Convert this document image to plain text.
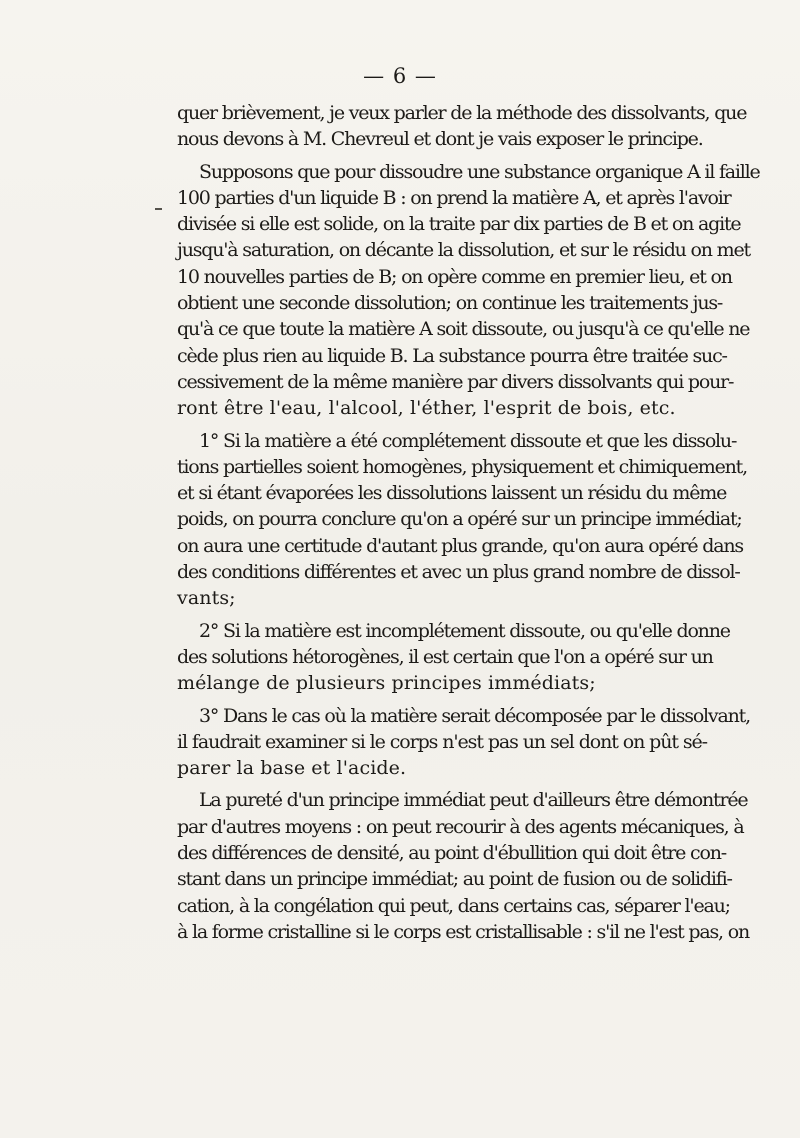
— 6 —
quer brièvement, je veux parler de la méthode des dissolvants, que
nous devons à M. Chevreul et dont je vais exposer le principe.
Supposons que pour dissoudre une substance organique A il faille
100 parties d'un liquide B : on prend la matière A, et après l'avoir
divisée si elle est solide, on la traite par dix parties de B et on agite
jusqu'à saturation, on décante la dissolution, et sur le résidu on met
10 nouvelles parties de B; on opère comme en premier lieu, et on
obtient une seconde dissolution; on continue les traitements jus-
qu'à ce que toute la matière A soit dissoute, ou jusqu'à ce qu'elle ne
cède plus rien au liquide B. La substance pourra être traitée suc-
cessivement de la même manière par divers dissolvants qui pour-
ront être l'eau, l'alcool, l'éther, l'esprit de bois, etc.
1° Si la matière a été complétement dissoute et que les dissolu-
tions partielles soient homogènes, physiquement et chimiquement,
et si étant évaporées les dissolutions laissent un résidu du même
poids, on pourra conclure qu'on a opéré sur un principe immédiat;
on aura une certitude d'autant plus grande, qu'on aura opéré dans
des conditions différentes et avec un plus grand nombre de dissol-
vants;
2° Si la matière est incomplétement dissoute, ou qu'elle donne
des solutions hétorogènes, il est certain que l'on a opéré sur un
mélange de plusieurs principes immédiats;
3° Dans le cas où la matière serait décomposée par le dissolvant,
il faudrait examiner si le corps n'est pas un sel dont on pût sé-
parer la base et l'acide.
La pureté d'un principe immédiat peut d'ailleurs être démontrée
par d'autres moyens : on peut recourir à des agents mécaniques, à
des différences de densité, au point d'ébullition qui doit être con-
stant dans un principe immédiat; au point de fusion ou de solidifi-
cation, à la congélation qui peut, dans certains cas, séparer l'eau;
à la forme cristalline si le corps est cristallisable : s'il ne l'est pas, on
